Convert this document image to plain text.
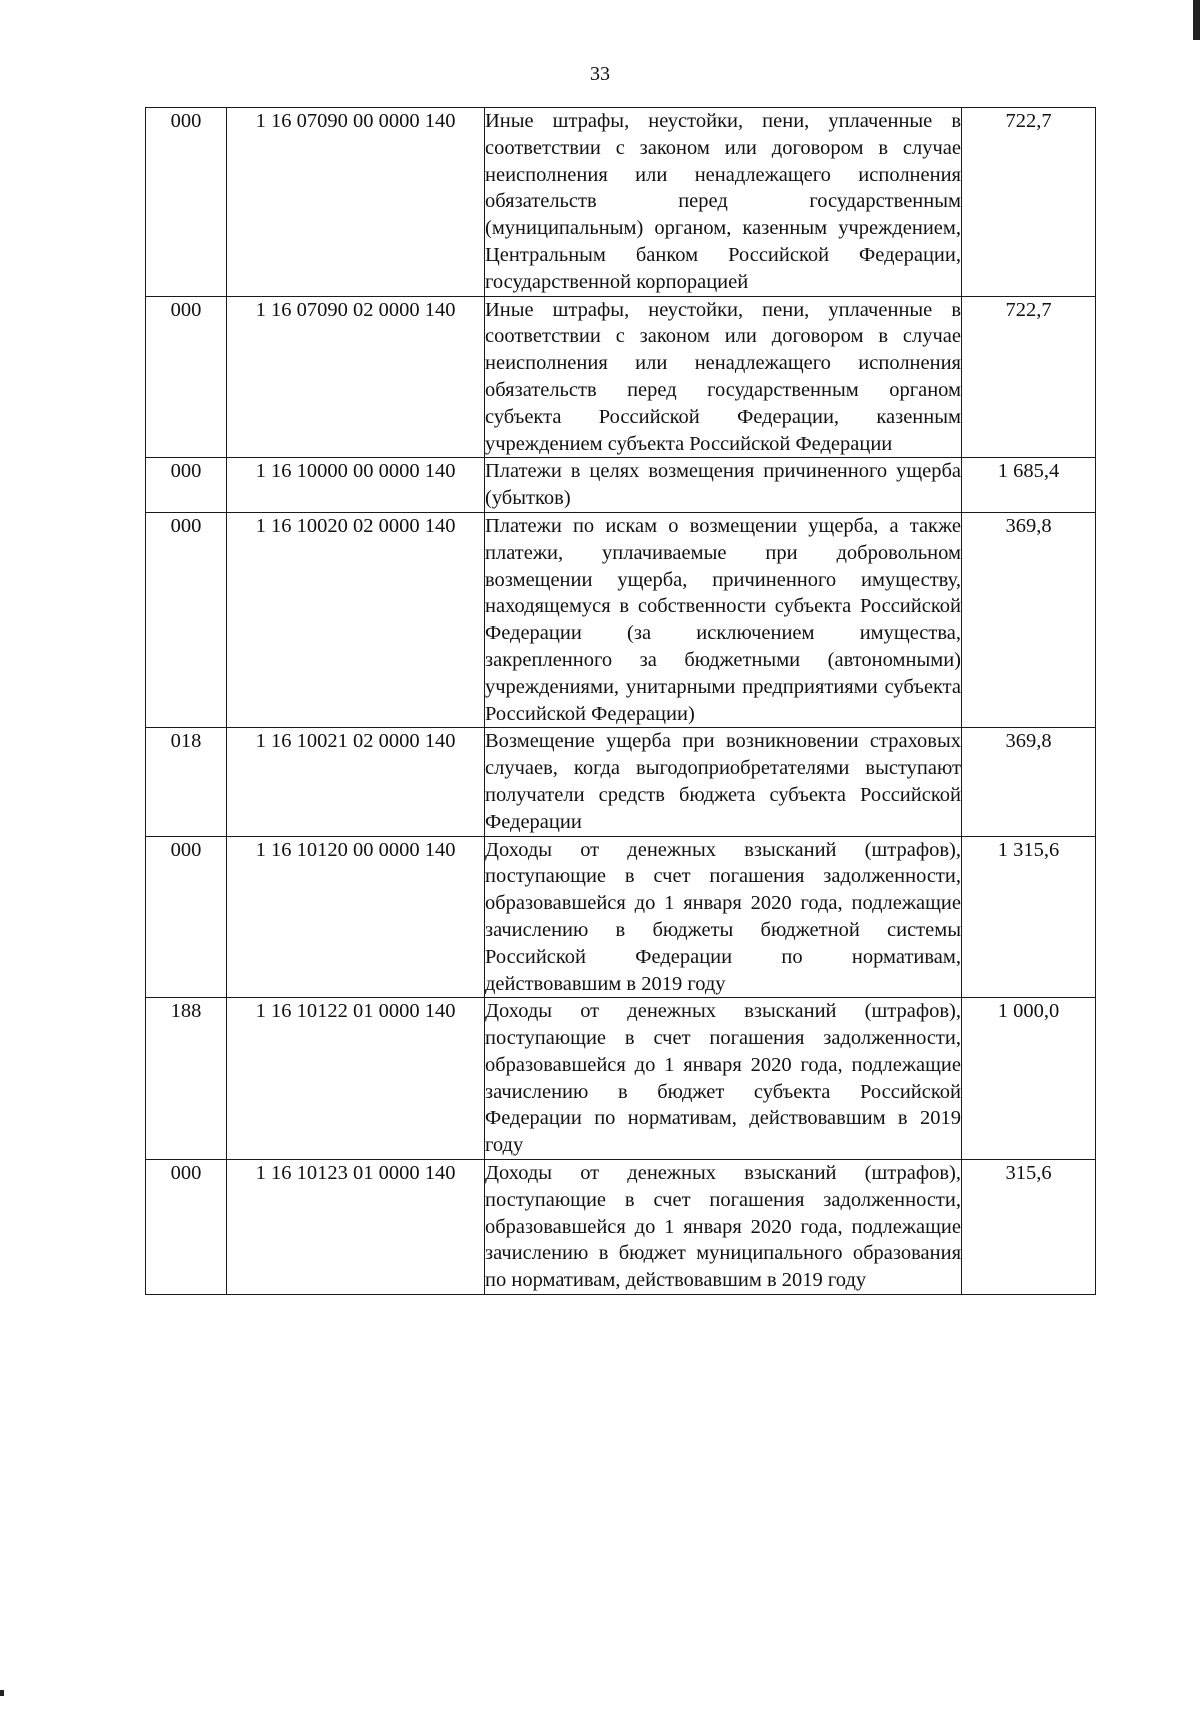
33
000	1 16 07090 00 0000 140	Иные штрафы, неустойки, пени, уплаченные в соответствии с законом или договором в случае неисполнения или ненадлежащего исполнения обязательств перед государственным (муниципальным) органом, казенным учреждением, Центральным банком Российской Федерации, государственной корпорацией	722,7
000	1 16 07090 02 0000 140	Иные штрафы, неустойки, пени, уплаченные в соответствии с законом или договором в случае неисполнения или ненадлежащего исполнения обязательств перед государственным органом субъекта Российской Федерации, казенным учреждением субъекта Российской Федерации	722,7
000	1 16 10000 00 0000 140	Платежи в целях возмещения причиненного ущерба (убытков)	1 685,4
000	1 16 10020 02 0000 140	Платежи по искам о возмещении ущерба, а также платежи, уплачиваемые при добровольном возмещении ущерба, причиненного имуществу, находящемуся в собственности субъекта Российской Федерации (за исключением имущества, закрепленного за бюджетными (автономными) учреждениями, унитарными предприятиями субъекта Российской Федерации)	369,8
018	1 16 10021 02 0000 140	Возмещение ущерба при возникновении страховых случаев, когда выгодоприобретателями выступают получатели средств бюджета субъекта Российской Федерации	369,8
000	1 16 10120 00 0000 140	Доходы от денежных взысканий (штрафов), поступающие в счет погашения задолженности, образовавшейся до 1 января 2020 года, подлежащие зачислению в бюджеты бюджетной системы Российской Федерации по нормативам, действовавшим в 2019 году	1 315,6
188	1 16 10122 01 0000 140	Доходы от денежных взысканий (штрафов), поступающие в счет погашения задолженности, образовавшейся до 1 января 2020 года, подлежащие зачислению в бюджет субъекта Российской Федерации по нормативам, действовавшим в 2019 году	1 000,0
000	1 16 10123 01 0000 140	Доходы от денежных взысканий (штрафов), поступающие в счет погашения задолженности, образовавшейся до 1 января 2020 года, подлежащие зачислению в бюджет муниципального образования по нормативам, действовавшим в 2019 году	315,6
